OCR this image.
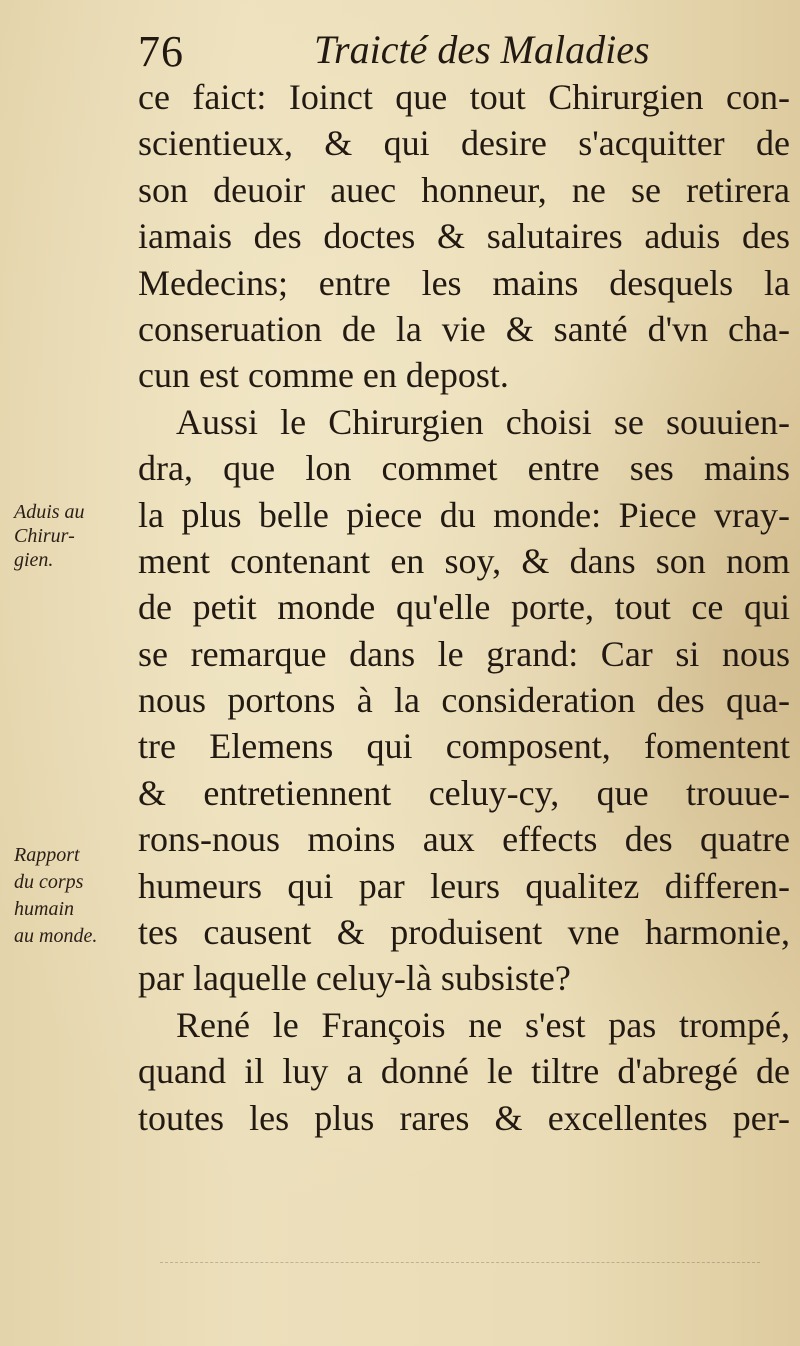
76	Traicté des Maladies
ce faict: Ioinct que tout Chirurgien con-
scientieux, & qui desire s'acquitter de
son deuoir auec honneur, ne se retirera
iamais des doctes & salutaires aduis des
Medecins; entre les mains desquels la
conseruation de la vie & santé d'vn cha-
cun est comme en depost.
Aussi le Chirurgien choisi se souuien-
dra, que lon commet entre ses mains
la plus belle piece du monde: Piece vray-
ment contenant en soy, & dans son nom
de petit monde qu'elle porte, tout ce qui
se remarque dans le grand: Car si nous
nous portons à la consideration des qua-
tre Elemens qui composent, fomentent
& entretiennent celuy-cy, que trouue-
rons-nous moins aux effects des quatre
humeurs qui par leurs qualitez differen-
tes causent & produisent vne harmonie,
par laquelle celuy-là subsiste?
René le François ne s'est pas trompé,
quand il luy a donné le tiltre d'abregé de
toutes les plus rares & excellentes per-
Aduis au
Chirur-
gien.
Rapport
du corps
humain
au monde.
